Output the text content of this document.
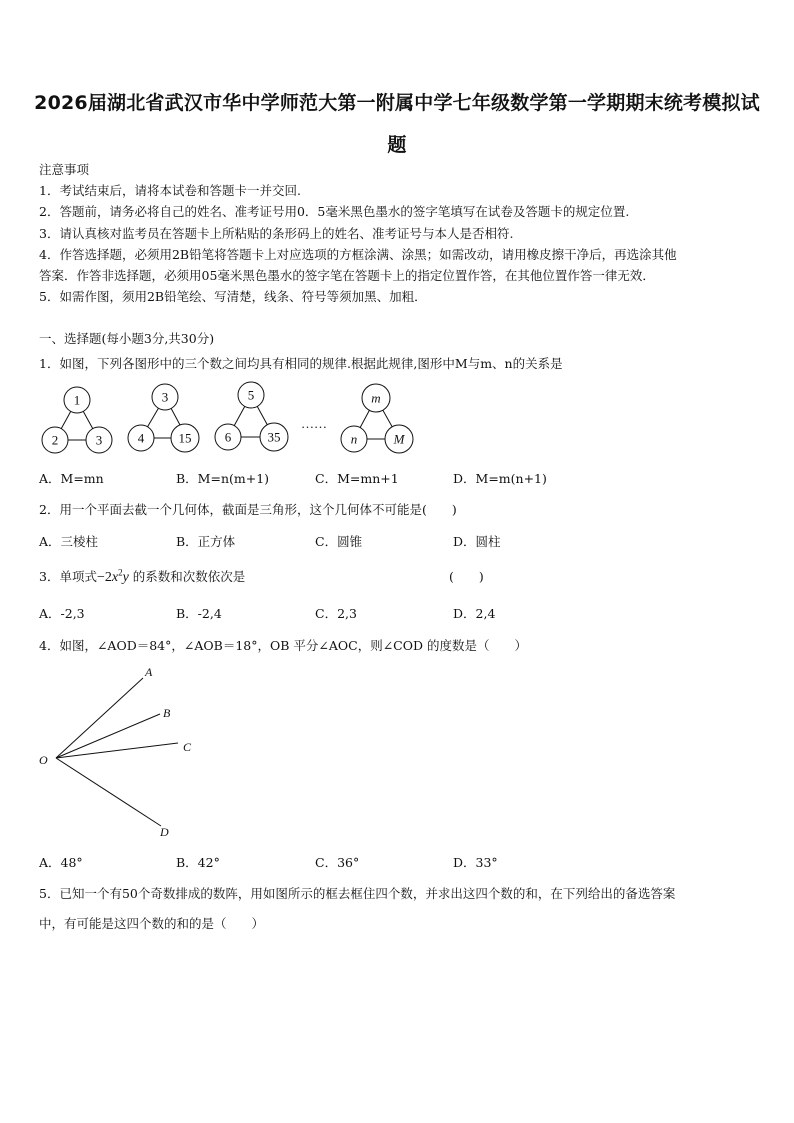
2026届湖北省武汉市华中学师范大第一附属中学七年级数学第一学期期末统考模拟试
题
注意事项
1．考试结束后，请将本试卷和答题卡一并交回.
2．答题前，请务必将自己的姓名、准考证号用0．5毫米黑色墨水的签字笔填写在试卷及答题卡的规定位置.
3．请认真核对监考员在答题卡上所粘贴的条形码上的姓名、准考证号与本人是否相符.
4．作答选择题，必须用2B铅笔将答题卡上对应选项的方框涂满、涂黑；如需改动，请用橡皮擦干净后，再选涂其他
答案．作答非选择题，必须用05毫米黑色墨水的签字笔在答题卡上的指定位置作答，在其他位置作答一律无效．
5．如需作图，须用2B铅笔绘、写清楚，线条、符号等须加黑、加粗．
一、选择题(每小题3分,共30分)
1．如图，下列各图形中的三个数之间均具有相同的规律.根据此规律,图形中M与m、n的关系是
1
2	3
3
4	15
5
6	35
m
n	M
……
A．M=mn	B．M=n(m+1)	C．M=mn+1	D．M=m(n+1)
2．用一个平面去截一个几何体，截面是三角形，这个几何体不可能是(　　)
A．三棱柱	B．正方体	C．圆锥	D．圆柱
3．单项式$-2x^2y$ 的系数和次数依次是	(　　)
A．-2,3	B．-2,4	C．2,3	D．2,4
4．如图，∠AOD＝84°，∠AOB＝18°，OB 平分∠AOC，则∠COD 的度数是（　　）
O
A
B
C
D
A．48°	B．42°	C．36°	D．33°
5．已知一个有50个奇数排成的数阵，用如图所示的框去框住四个数，并求出这四个数的和，在下列给出的备选答案
中，有可能是这四个数的和的是（　　）
